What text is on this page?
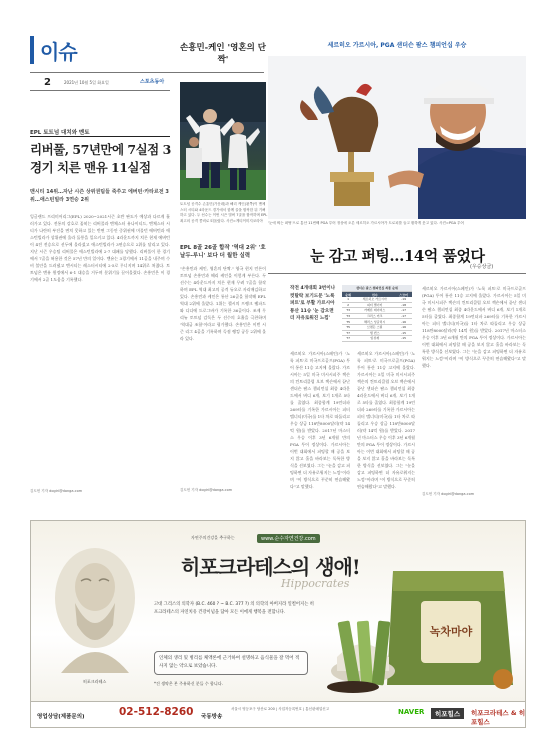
이슈
2	2021년 10월 5일 화요일	스포츠동아
EPL 토트넘 대치와 멘토
리버풀, 57년만에 7실점 3경기 치른 맨유 11실점
맨시티 14위…자난 시즌 상위권팀들 죽쑤고 에버턴·카타르전 3위…애스턴빌라 3연승 2위
잉글랜드 프리미어리그(EPL) 2020∼2021시즌 초반 판도가 예상과 다르게 흘러가고 있다. 전통의 강호로 꼽히는 리버풀과 맨체스터 유나이티드, 맨체스터 시티가 나란히 부진을 면치 못하고 있는 반면 그동안 중위권에 머물던 에버턴과 애스턴빌라가 상위권에 올라 돌풍을 일으키고 있다. 4라운드까지 치른 현재 에버턴이 4전 전승으로 선두에 올라섰고 애스턴빌라가 3연승으로 2위를 달리고 있다. 지난 시즌 우승팀 리버풀은 애스턴빌라에 2-7 대패를 당했다. 리버풀이 한 경기에서 7골을 허용한 것은 57년 만의 일이다. 맨유는 3경기에서 11골을 내주며 수비 불안을 드러냈고 맨시티는 레스터시티에 2-5로 무너지며 14위로 처졌다. 토트넘은 맨유 원정에서 6-1 대승을 거두며 분위기를 끌어올렸다. 손흥민은 이 경기에서 2골 1도움을 기록했다.
김도헌 기자 dogiri@donga.com
손흥민-케인 '영혼의 단짝'
토트넘 공격수 손흥민(가운데)과 해리 케인(왼쪽)이 맨체스터 시티와 4라운드 경기에서 함께 골을 합작한 뒤 기뻐하고 있다. 두 선수는 이번 시즌 벌써 7골을 합작하며 EPL 최고의 공격 콤비로 떠올랐다. 사진=게티이미지코리아
EPL 8골 26골 합작 '역대 2위' '호날두-루니' 보다 더 월한 실력
"손흥민과 케인, 영혼의 단짝." 영국 현지 언론이 토트넘 손흥민과 해리 케인을 이렇게 부른다. 두 선수는 4라운드까지 치른 현재 무려 7골을 합작하며 EPL 역대 최고의 공격 듀오로 자리매김하고 있다. 손흥민과 케인은 통산 26골을 합작해 EPL 역대 2위에 올랐다. 1위는 첼시의 프랭크 램파드와 디디에 드로그바가 기록한 36골이다. 조제 무리뉴 토트넘 감독은 두 선수의 호흡을 극찬하며 '역대급 조합'이라고 평가했다. 손흥민은 이번 시즌 리그 4골을 기록하며 득점 랭킹 공동 2위에 올라 있다.
김도헌 기자 dogiri@donga.com
세르히오 가르시아, PGA 샌더슨 팜스 챔피언십 우승
'눈에 띄는 퍼팅'으로 통산 11번째 PGA 투어 정상에 오른 세르히오 가르시아가 트로피를 들고 환하게 웃고 있다. 사진=PGA 투어
눈 감고 퍼팅…14억 품었다
(우승상금)
작전 4개대회 3번이나 컷탈락 보기드문 '노룩 퍼트'로 부활 가르시아 통산 11승 '눈 감으면 더 자유로워진 느낌'
샌더슨 팜스 챔피언십 최종 순위		
순위	선수	스코어
1	세르히오 가르시아	-19
2	피터 맬너티	-18
T3	카메론 데이비스	-17
T3	크리스 커크	-17
T5	해리스 잉글리시	-16
T5	브랜든 스틸	-16
T7	샘 번스	-15
T7	임성재	-15
세르히오 가르시아(스페인)가 '노룩 퍼트'로 미국프로골프(PGA) 투어 통산 11승 고지에 올랐다. 가르시아는 5일 미국 미시시피주 잭슨의 컨트리클럽 오브 잭슨에서 끝난 샌더슨 팜스 챔피언십 최종 4라운드에서 버디 6개, 보기 1개로 5타를 줄였다. 최종합계 19언더파 269타를 기록한 가르시아는 피터 맬너티(미국)를 1타 차로 따돌리고 우승 상금 118만8000달러(약 14억 원)를 받았다. 2017년 마스터스 우승 이후 3년 6개월 만의 PGA 투어 정상이다. 가르시아는 이번 대회에서 퍼팅할 때 공을 보지 않고 홀을 바라보는 독특한 방식을 선보였다. 그는 "눈을 감고 퍼팅하면 더 자유로워지는 느낌"이라며 "이 방식으로 꾸준히 연습해왔다"고 말했다.
세르히오 가르시아(스페인)가 '노룩 퍼트'로 미국프로골프(PGA) 투어 통산 11승 고지에 올랐다. 가르시아는 5일 미국 미시시피주 잭슨의 컨트리클럽 오브 잭슨에서 끝난 샌더슨 팜스 챔피언십 최종 4라운드에서 버디 6개, 보기 1개로 5타를 줄였다. 최종합계 19언더파 269타를 기록한 가르시아는 피터 맬너티(미국)를 1타 차로 따돌리고 우승 상금 118만8000달러(약 14억 원)를 받았다. 2017년 마스터스 우승 이후 3년 6개월 만의 PGA 투어 정상이다. 가르시아는 이번 대회에서 퍼팅할 때 공을 보지 않고 홀을 바라보는 독특한 방식을 선보였다. 그는 "눈을 감고 퍼팅하면 더 자유로워지는 느낌"이라며 "이 방식으로 꾸준히 연습해왔다"고 말했다.
세르히오 가르시아(스페인)가 '노룩 퍼트'로 미국프로골프(PGA) 투어 통산 11승 고지에 올랐다. 가르시아는 5일 미국 미시시피주 잭슨의 컨트리클럽 오브 잭슨에서 끝난 샌더슨 팜스 챔피언십 최종 4라운드에서 버디 6개, 보기 1개로 5타를 줄였다. 최종합계 19언더파 269타를 기록한 가르시아는 피터 맬너티(미국)를 1타 차로 따돌리고 우승 상금 118만8000달러(약 14억 원)를 받았다. 2017년 마스터스 우승 이후 3년 6개월 만의 PGA 투어 정상이다. 가르시아는 이번 대회에서 퍼팅할 때 공을 보지 않고 홀을 바라보는 독특한 방식을 선보였다. 그는 "눈을 감고 퍼팅하면 더 자유로워지는 느낌"이라며 "이 방식으로 꾸준히 연습해왔다"고 말했다.
김도헌 기자 dogiri@donga.com
히포크라테스
자연주의건강을 추구하는	www.순수자연건강.com
히포크라테스의 생애!
Hippocrates
고대 그리스의 의학자 (B.C. 460 ? ~ B.C. 377 ?) 의 의학의 아버지라 일컬어지는 히포크라테스의 자연치유 건강이념을 담아 모든 이에게 행복을 전합니다.
인체의 생리 및 병리를 체액론에 근거하여 설명하고 음식물을 잘 먹어 적사지 않는 약으로 보았습니다.
*건 생약은 본 주유하신 분들 수 합니다.
녹차마야
영업상담(제품문의)	02-512-8260 국동방송
서울시 영등포구 당산로 200 | 사업자등록번호 | 통신판매업신고	NAVER	히포힐스	히포크라테스 & 히포힐스
